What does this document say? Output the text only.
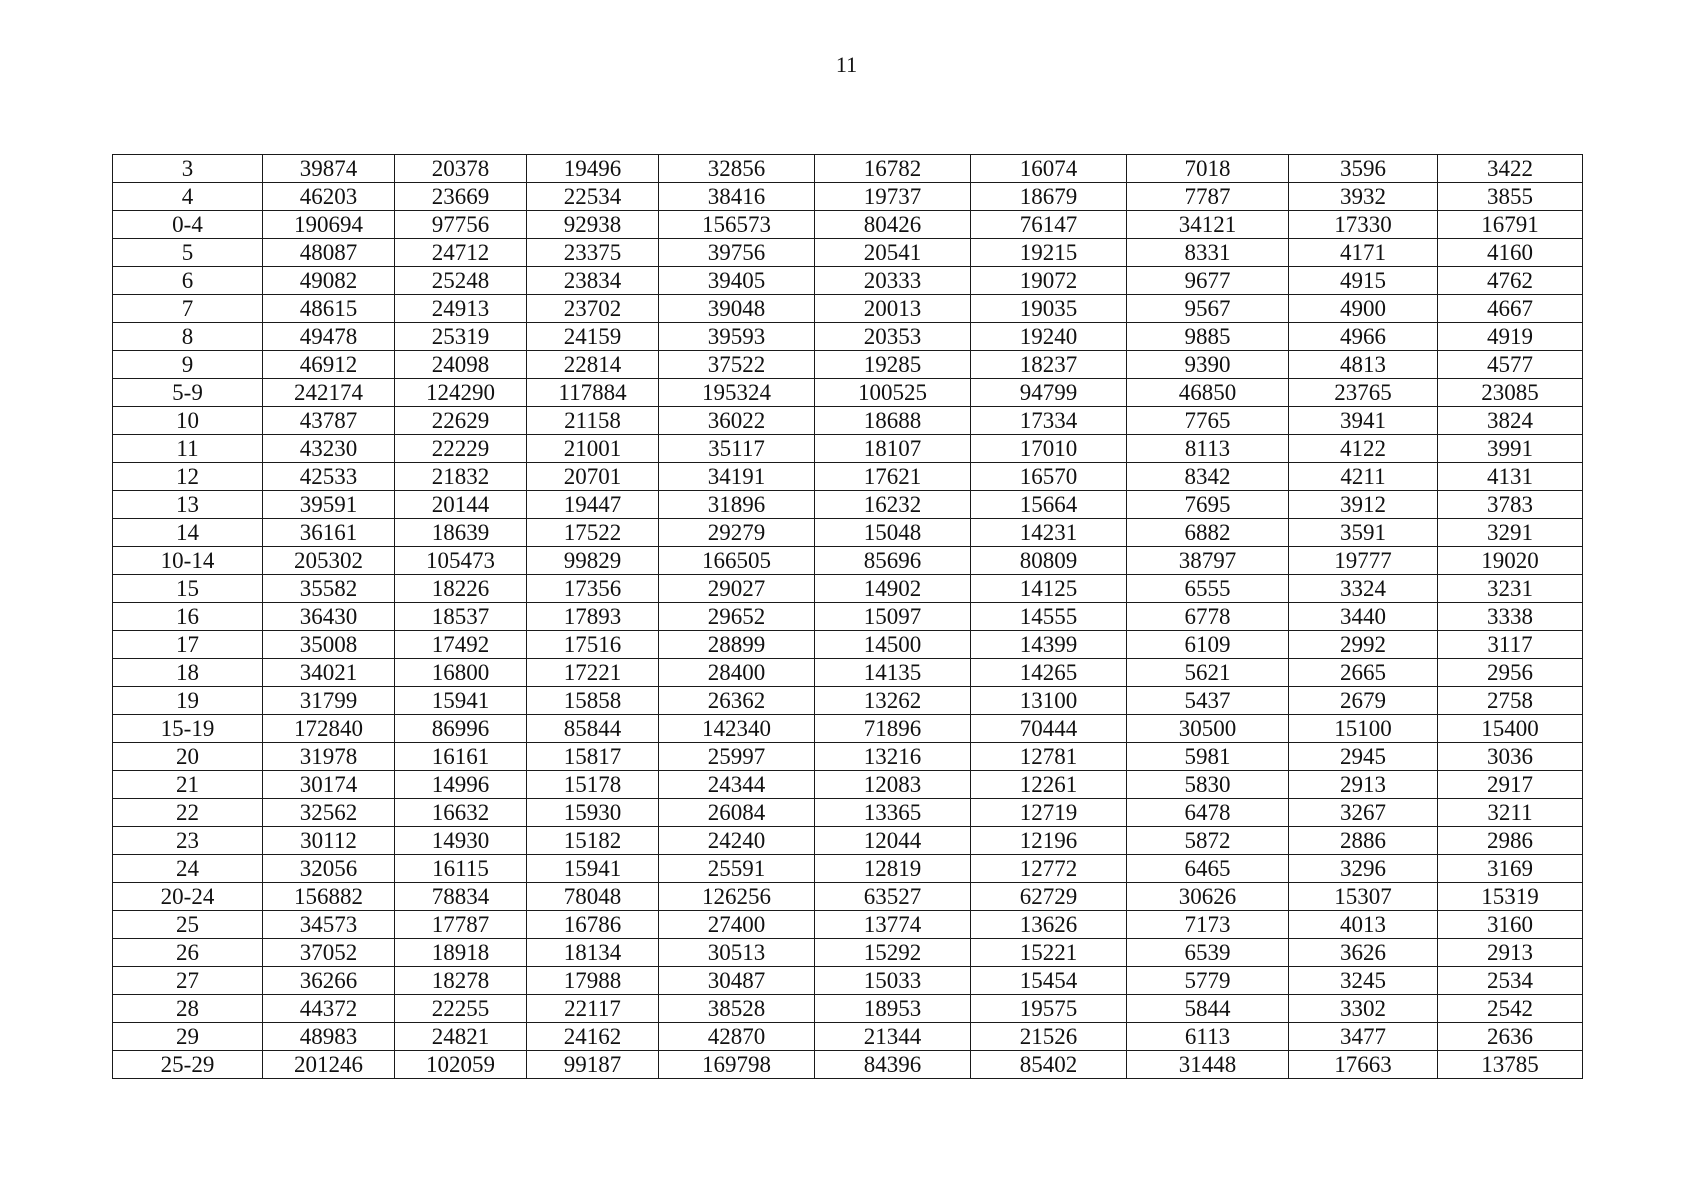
11
3	39874	20378	19496	32856	16782	16074	7018	3596	3422
4	46203	23669	22534	38416	19737	18679	7787	3932	3855
0-4	190694	97756	92938	156573	80426	76147	34121	17330	16791
5	48087	24712	23375	39756	20541	19215	8331	4171	4160
6	49082	25248	23834	39405	20333	19072	9677	4915	4762
7	48615	24913	23702	39048	20013	19035	9567	4900	4667
8	49478	25319	24159	39593	20353	19240	9885	4966	4919
9	46912	24098	22814	37522	19285	18237	9390	4813	4577
5-9	242174	124290	117884	195324	100525	94799	46850	23765	23085
10	43787	22629	21158	36022	18688	17334	7765	3941	3824
11	43230	22229	21001	35117	18107	17010	8113	4122	3991
12	42533	21832	20701	34191	17621	16570	8342	4211	4131
13	39591	20144	19447	31896	16232	15664	7695	3912	3783
14	36161	18639	17522	29279	15048	14231	6882	3591	3291
10-14	205302	105473	99829	166505	85696	80809	38797	19777	19020
15	35582	18226	17356	29027	14902	14125	6555	3324	3231
16	36430	18537	17893	29652	15097	14555	6778	3440	3338
17	35008	17492	17516	28899	14500	14399	6109	2992	3117
18	34021	16800	17221	28400	14135	14265	5621	2665	2956
19	31799	15941	15858	26362	13262	13100	5437	2679	2758
15-19	172840	86996	85844	142340	71896	70444	30500	15100	15400
20	31978	16161	15817	25997	13216	12781	5981	2945	3036
21	30174	14996	15178	24344	12083	12261	5830	2913	2917
22	32562	16632	15930	26084	13365	12719	6478	3267	3211
23	30112	14930	15182	24240	12044	12196	5872	2886	2986
24	32056	16115	15941	25591	12819	12772	6465	3296	3169
20-24	156882	78834	78048	126256	63527	62729	30626	15307	15319
25	34573	17787	16786	27400	13774	13626	7173	4013	3160
26	37052	18918	18134	30513	15292	15221	6539	3626	2913
27	36266	18278	17988	30487	15033	15454	5779	3245	2534
28	44372	22255	22117	38528	18953	19575	5844	3302	2542
29	48983	24821	24162	42870	21344	21526	6113	3477	2636
25-29	201246	102059	99187	169798	84396	85402	31448	17663	13785
